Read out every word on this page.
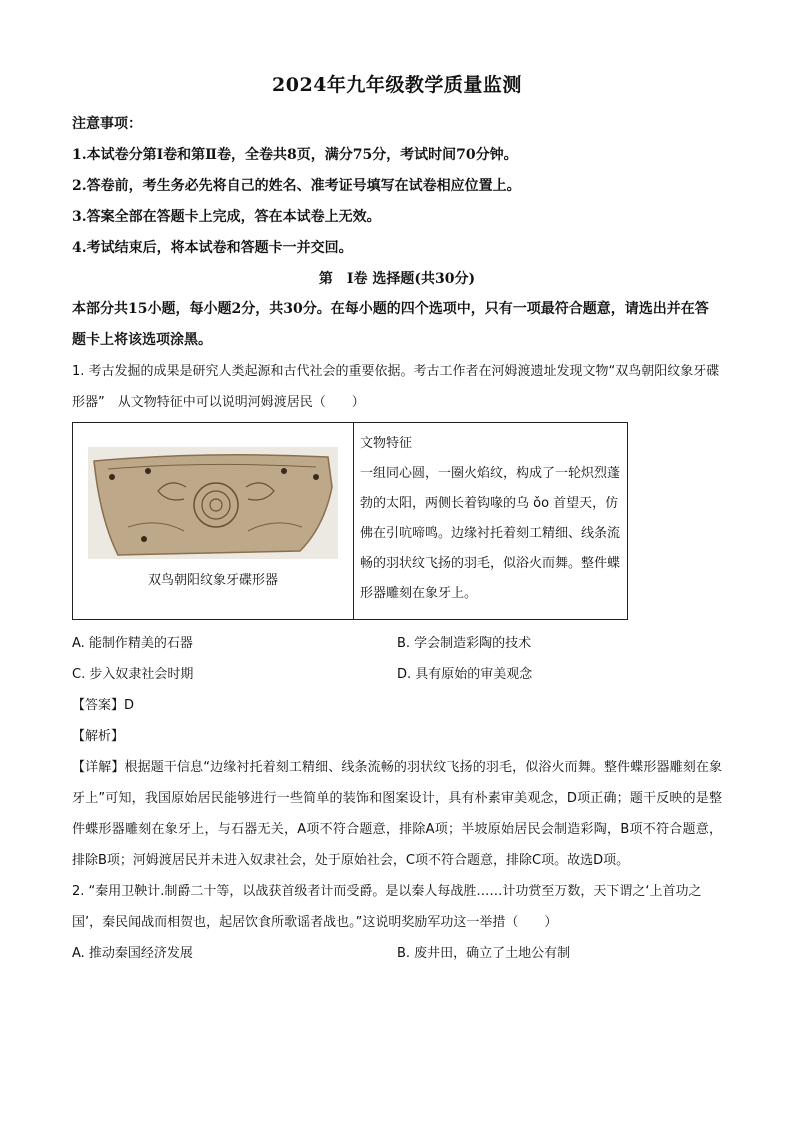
2024年九年级教学质量监测
注意事项：
1.本试卷分第Ⅰ卷和第Ⅱ卷，全卷共8页，满分75分，考试时间70分钟。
2.答卷前，考生务必先将自己的姓名、准考证号填写在试卷相应位置上。
3.答案全部在答题卡上完成，答在本试卷上无效。
4.考试结束后，将本试卷和答题卡一并交回。
第　Ⅰ卷 选择题(共30分)
本部分共15小题，每小题2分，共30分。在每小题的四个选项中，只有一项最符合题意，请选出并在答题卡上将该选项涂黑。
1. 考古发掘的成果是研究人类起源和古代社会的重要依据。考古工作者在河姆渡遗址发现文物“双鸟朝阳纹象牙碟形器”　从文物特征中可以说明河姆渡居民（　　）
双鸟朝阳纹象牙碟形器

文物特征
一组同心圆，一圈火焰纹，构成了一轮炽烈蓬勃的太阳，两侧长着钩喙的乌 ǒo 首望天，仿佛在引吭啼鸣。边缘衬托着刻工精细、线条流畅的羽状纹飞扬的羽毛，似浴火而舞。整件蝶形器雕刻在象牙上。
A. 能制作精美的石器	B. 学会制造彩陶的技术
C. 步入奴隶社会时期	D. 具有原始的审美观念
【答案】D
【解析】
【详解】根据题干信息“边缘衬托着刻工精细、线条流畅的羽状纹飞扬的羽毛，似浴火而舞。整件蝶形器雕刻在象牙上”可知，我国原始居民能够进行一些简单的装饰和图案设计，具有朴素审美观念，D项正确；题干反映的是整件蝶形器雕刻在象牙上，与石器无关，A项不符合题意，排除A项；半坡原始居民会制造彩陶，B项不符合题意，排除B项；河姆渡居民并未进入奴隶社会，处于原始社会，C项不符合题意，排除C项。故选D项。
2. “秦用卫鞅计.制爵二十等，以战获首级者计而受爵。是以秦人每战胜……计功赏至万数，天下谓之‘上首功之国’，秦民闻战而相贺也，起居饮食所歌谣者战也。”这说明奖励军功这一举措（　　）
A. 推动秦国经济发展	B. 废井田，确立了土地公有制
